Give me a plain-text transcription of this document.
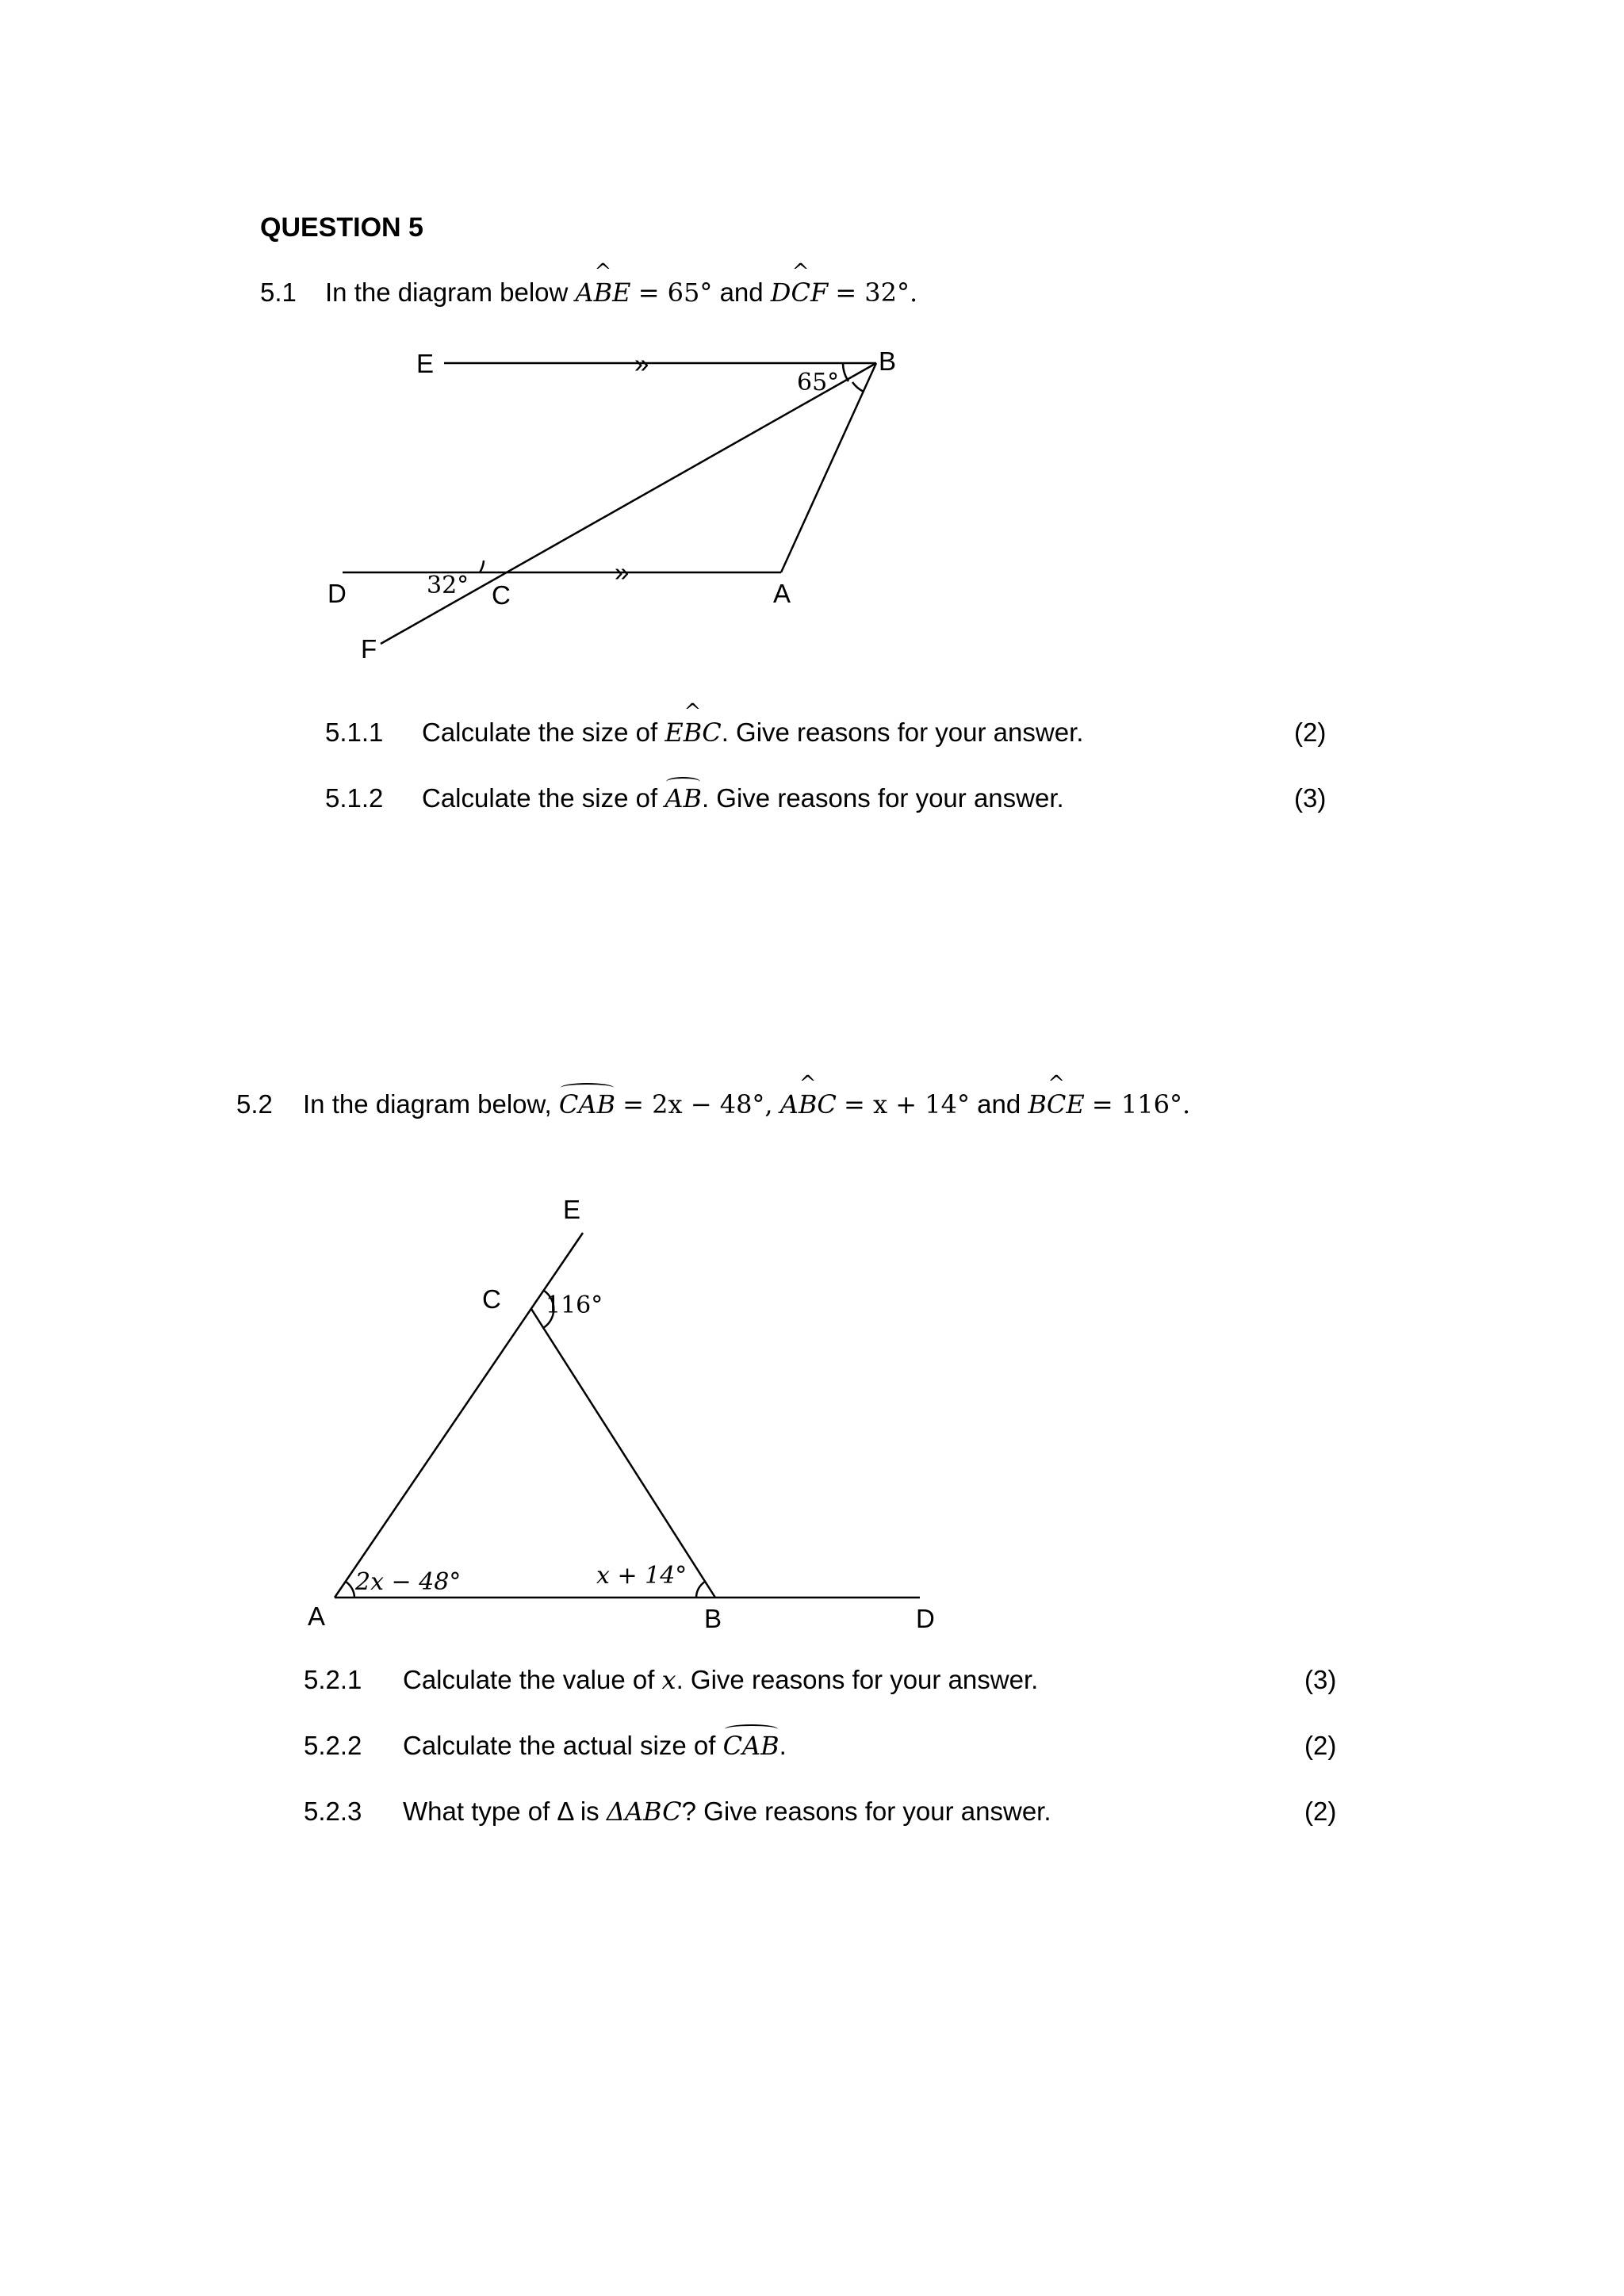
QUESTION 5
5.1 In the diagram below AB ^E = 65° and DC ^F = 32°.
E	B
D	C	A
F
65°
32°
»
»
5.1.1 Calculate the size of EB ^C. Give reasons for your answer.	(2)
5.1.2 Calculate the size of AB. Give reasons for your answer.	(3)
5.2 In the diagram below, CAB = 2x − 48°, AB ^C = x + 14° and BC ^E = 116°.
E
C
A	B	D
116°
2x − 48°	x + 14°
5.2.1 Calculate the value of x. Give reasons for your answer.	(3)
5.2.2 Calculate the actual size of CAB.	(2)
5.2.3 What type of Δ is ΔABC? Give reasons for your answer.	(2)
